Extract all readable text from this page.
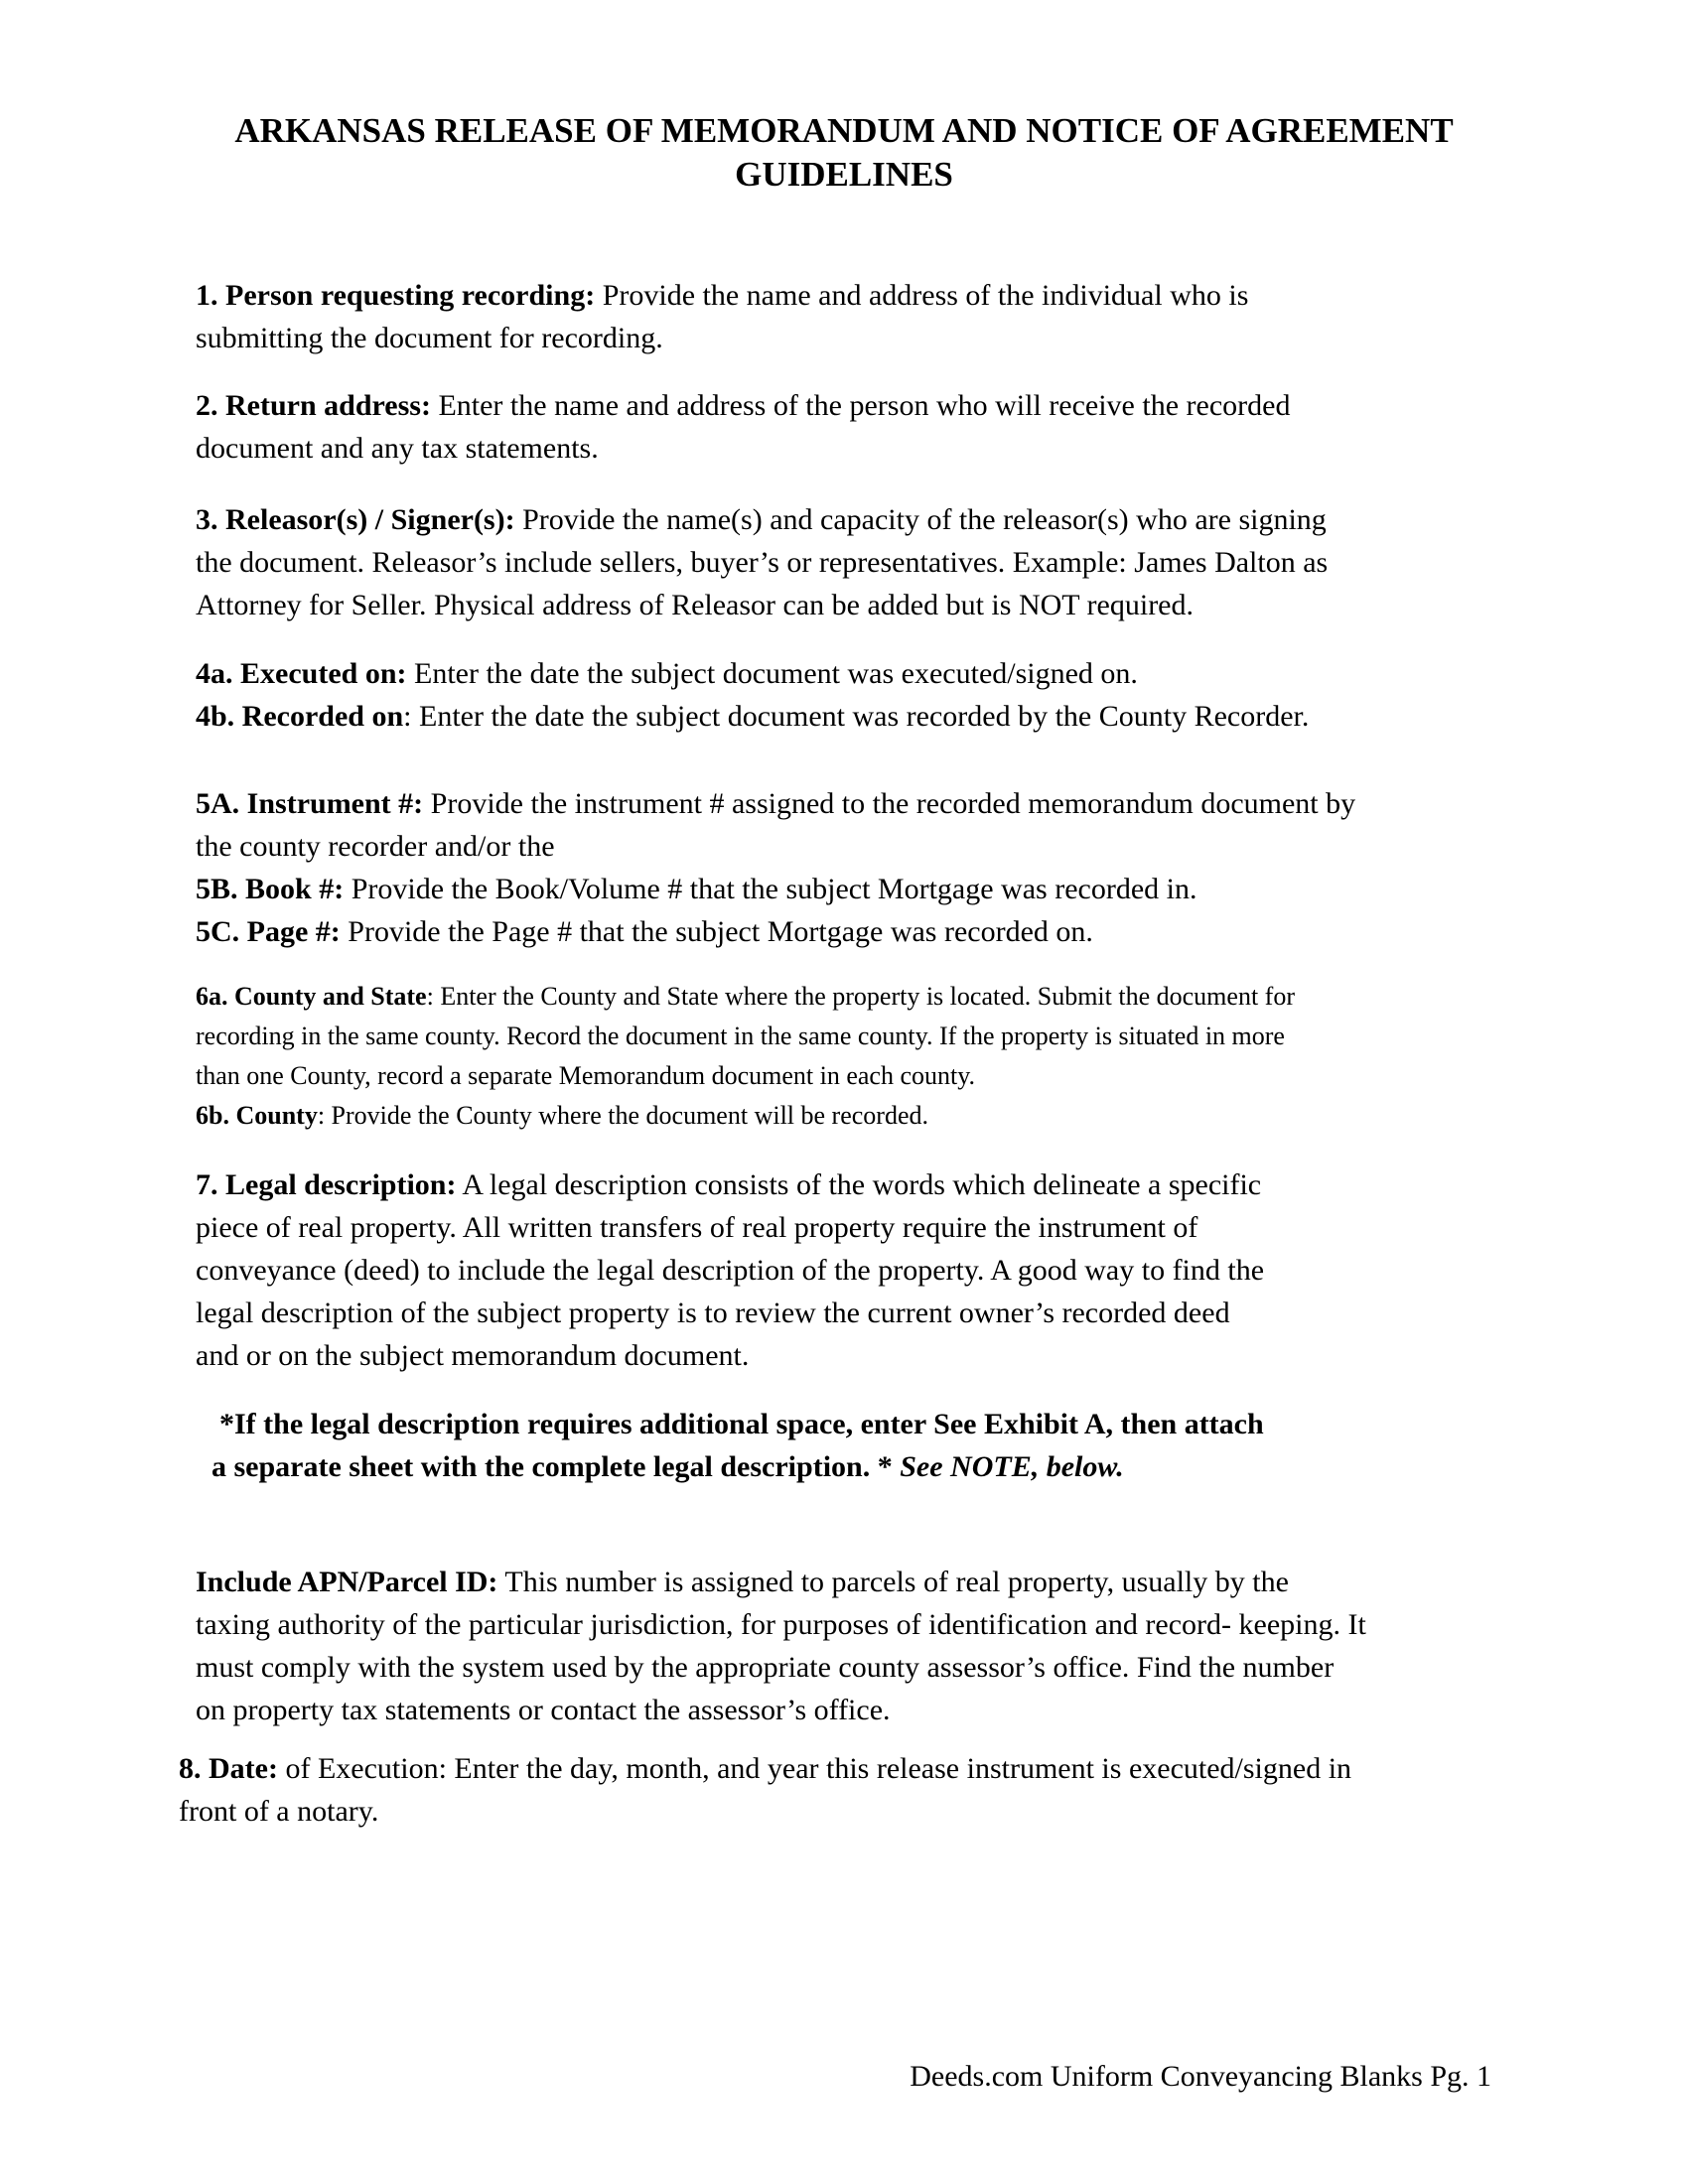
ARKANSAS RELEASE OF MEMORANDUM AND NOTICE OF AGREEMENT
GUIDELINES
1. Person requesting recording: Provide the name and address of the individual who is
submitting the document for recording.
2. Return address: Enter the name and address of the person who will receive the recorded
document and any tax statements.
3. Releasor(s) / Signer(s): Provide the name(s) and capacity of the releasor(s) who are signing
the document. Releasor’s include sellers, buyer’s or representatives. Example: James Dalton as
Attorney for Seller. Physical address of Releasor can be added but is NOT required.
4a. Executed on: Enter the date the subject document was executed/signed on.
4b. Recorded on: Enter the date the subject document was recorded by the County Recorder.
5A. Instrument #: Provide the instrument # assigned to the recorded memorandum document by
the county recorder and/or the
5B. Book #: Provide the Book/Volume # that the subject Mortgage was recorded in.
5C. Page #: Provide the Page # that the subject Mortgage was recorded on.
6a. County and State: Enter the County and State where the property is located. Submit the document for
recording in the same county. Record the document in the same county. If the property is situated in more
than one County, record a separate Memorandum document in each county.
6b. County: Provide the County where the document will be recorded.
7. Legal description: A legal description consists of the words which delineate a specific
piece of real property. All written transfers of real property require the instrument of
conveyance (deed) to include the legal description of the property. A good way to find the
legal description of the subject property is to review the current owner’s recorded deed
and or on the subject memorandum document.
*If the legal description requires additional space, enter See Exhibit A, then attach
a separate sheet with the complete legal description. * See NOTE, below.
Include APN/Parcel ID: This number is assigned to parcels of real property, usually by the
taxing authority of the particular jurisdiction, for purposes of identification and record- keeping. It
must comply with the system used by the appropriate county assessor’s office. Find the number
on property tax statements or contact the assessor’s office.
8. Date: of Execution: Enter the day, month, and year this release instrument is executed/signed in
front of a notary.
Deeds.com Uniform Conveyancing Blanks Pg. 1
